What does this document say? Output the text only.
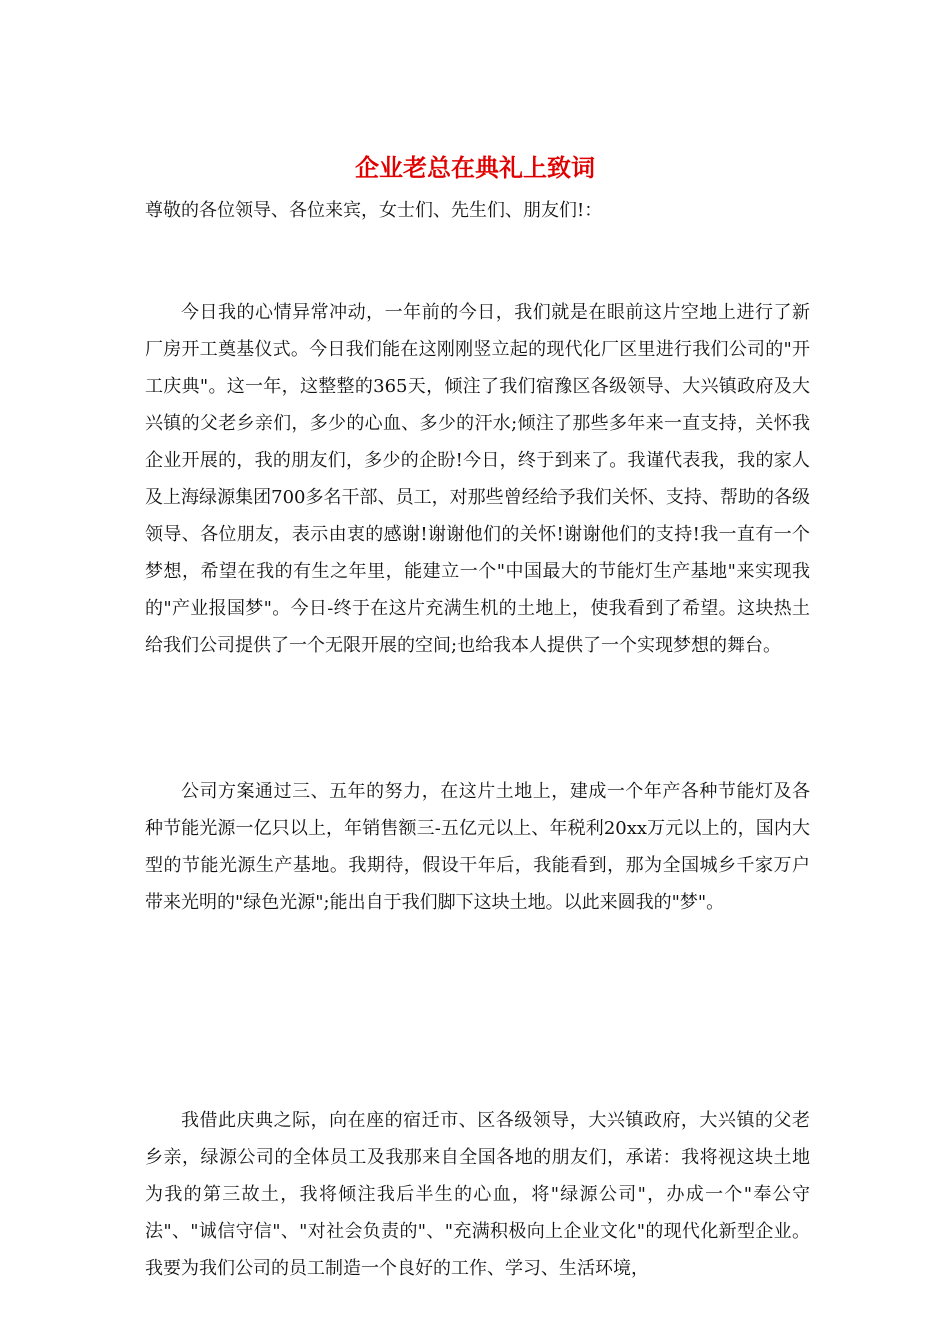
企业老总在典礼上致词

尊敬的各位领导、各位来宾，女士们、先生们、朋友们!：

今日我的心情异常冲动，一年前的今日，我们就是在眼前这片空地上进行了新厂房开工奠基仪式。今日我们能在这刚刚竖立起的现代化厂区里进行我们公司的"开工庆典"。这一年，这整整的365天，倾注了我们宿豫区各级领导、大兴镇政府及大兴镇的父老乡亲们，多少的心血、多少的汗水;倾注了那些多年来一直支持，关怀我企业开展的，我的朋友们，多少的企盼!今日，终于到来了。我谨代表我，我的家人及上海绿源集团700多名干部、员工，对那些曾经给予我们关怀、支持、帮助的各级领导、各位朋友，表示由衷的感谢!谢谢他们的关怀!谢谢他们的支持!我一直有一个梦想，希望在我的有生之年里，能建立一个"中国最大的节能灯生产基地"来实现我的"产业报国梦"。今日-终于在这片充满生机的土地上，使我看到了希望。这块热土给我们公司提供了一个无限开展的空间;也给我本人提供了一个实现梦想的舞台。

公司方案通过三、五年的努力，在这片土地上，建成一个年产各种节能灯及各种节能光源一亿只以上，年销售额三-五亿元以上、年税利20xx万元以上的，国内大型的节能光源生产基地。我期待，假设干年后，我能看到，那为全国城乡千家万户带来光明的"绿色光源";能出自于我们脚下这块土地。以此来圆我的"梦"。

我借此庆典之际，向在座的宿迁市、区各级领导，大兴镇政府，大兴镇的父老乡亲，绿源公司的全体员工及我那来自全国各地的朋友们，承诺：我将视这块土地为我的第三故土，我将倾注我后半生的心血，将"绿源公司"，办成一个"奉公守法"、"诚信守信"、"对社会负责的"、"充满积极向上企业文化"的现代化新型企业。我要为我们公司的员工制造一个良好的工作、学习、生活环境，
